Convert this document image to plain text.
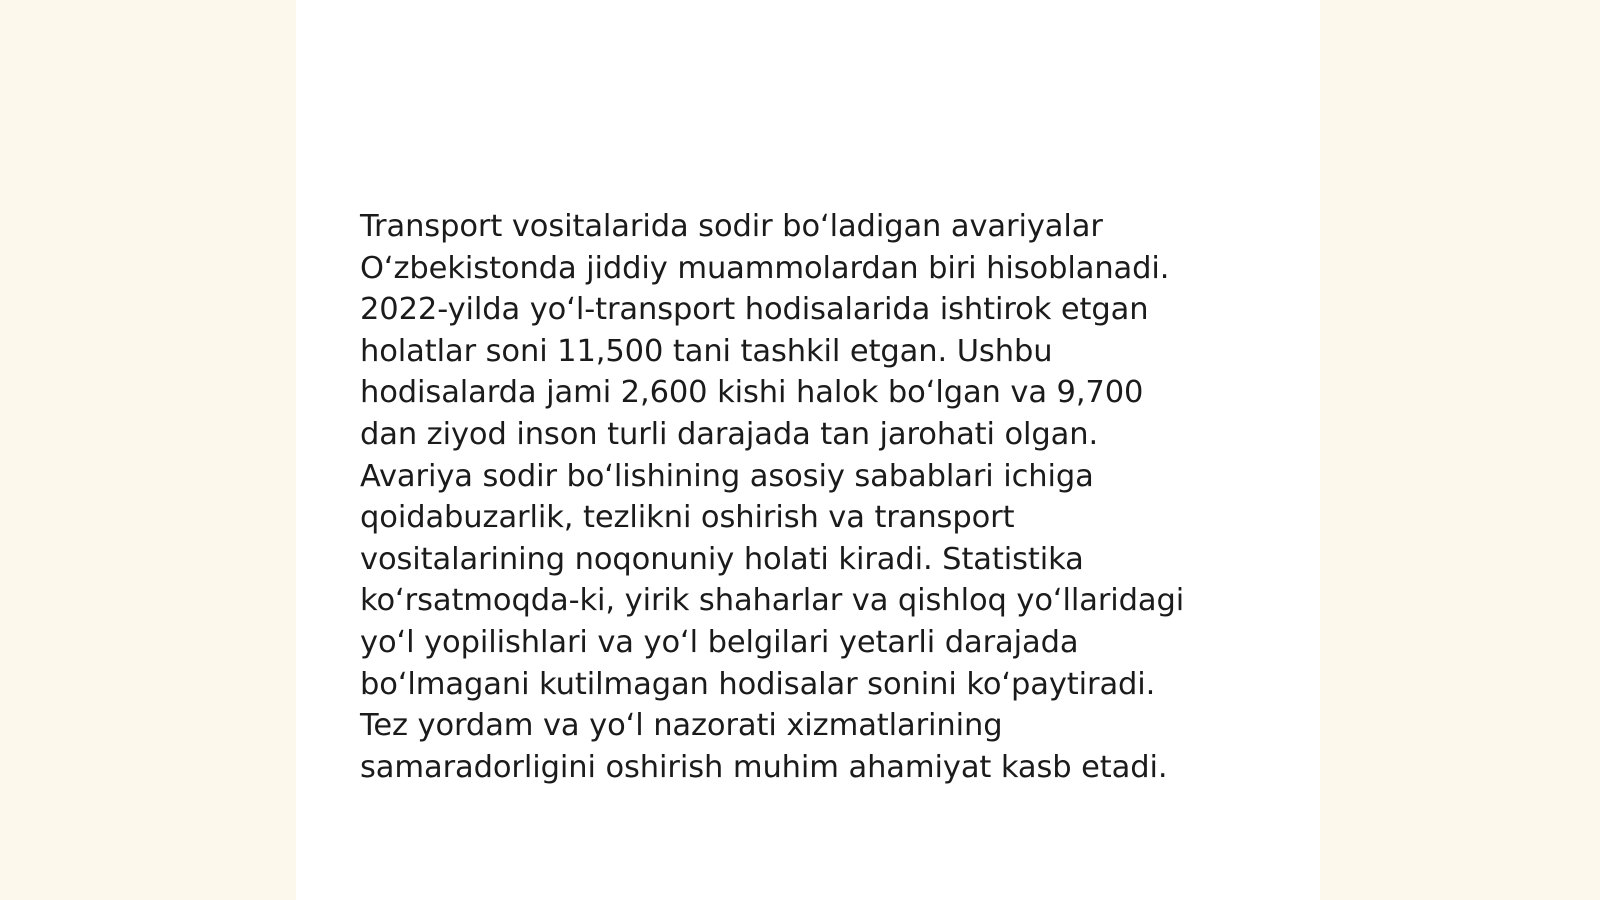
Transport vositalarida sodir bo‘ladigan avariyalar
O‘zbekistonda jiddiy muammolardan biri hisoblanadi.
2022-yilda yo‘l-transport hodisalarida ishtirok etgan
holatlar soni 11,500 tani tashkil etgan. Ushbu
hodisalarda jami 2,600 kishi halok bo‘lgan va 9,700
dan ziyod inson turli darajada tan jarohati olgan.
Avariya sodir bo‘lishining asosiy sabablari ichiga
qoidabuzarlik, tezlikni oshirish va transport
vositalarining noqonuniy holati kiradi. Statistika
ko‘rsatmoqda-ki, yirik shaharlar va qishloq yo‘llaridagi
yo‘l yopilishlari va yo‘l belgilari yetarli darajada
bo‘lmagani kutilmagan hodisalar sonini ko‘paytiradi.
Tez yordam va yo‘l nazorati xizmatlarining
samaradorligini oshirish muhim ahamiyat kasb etadi.
